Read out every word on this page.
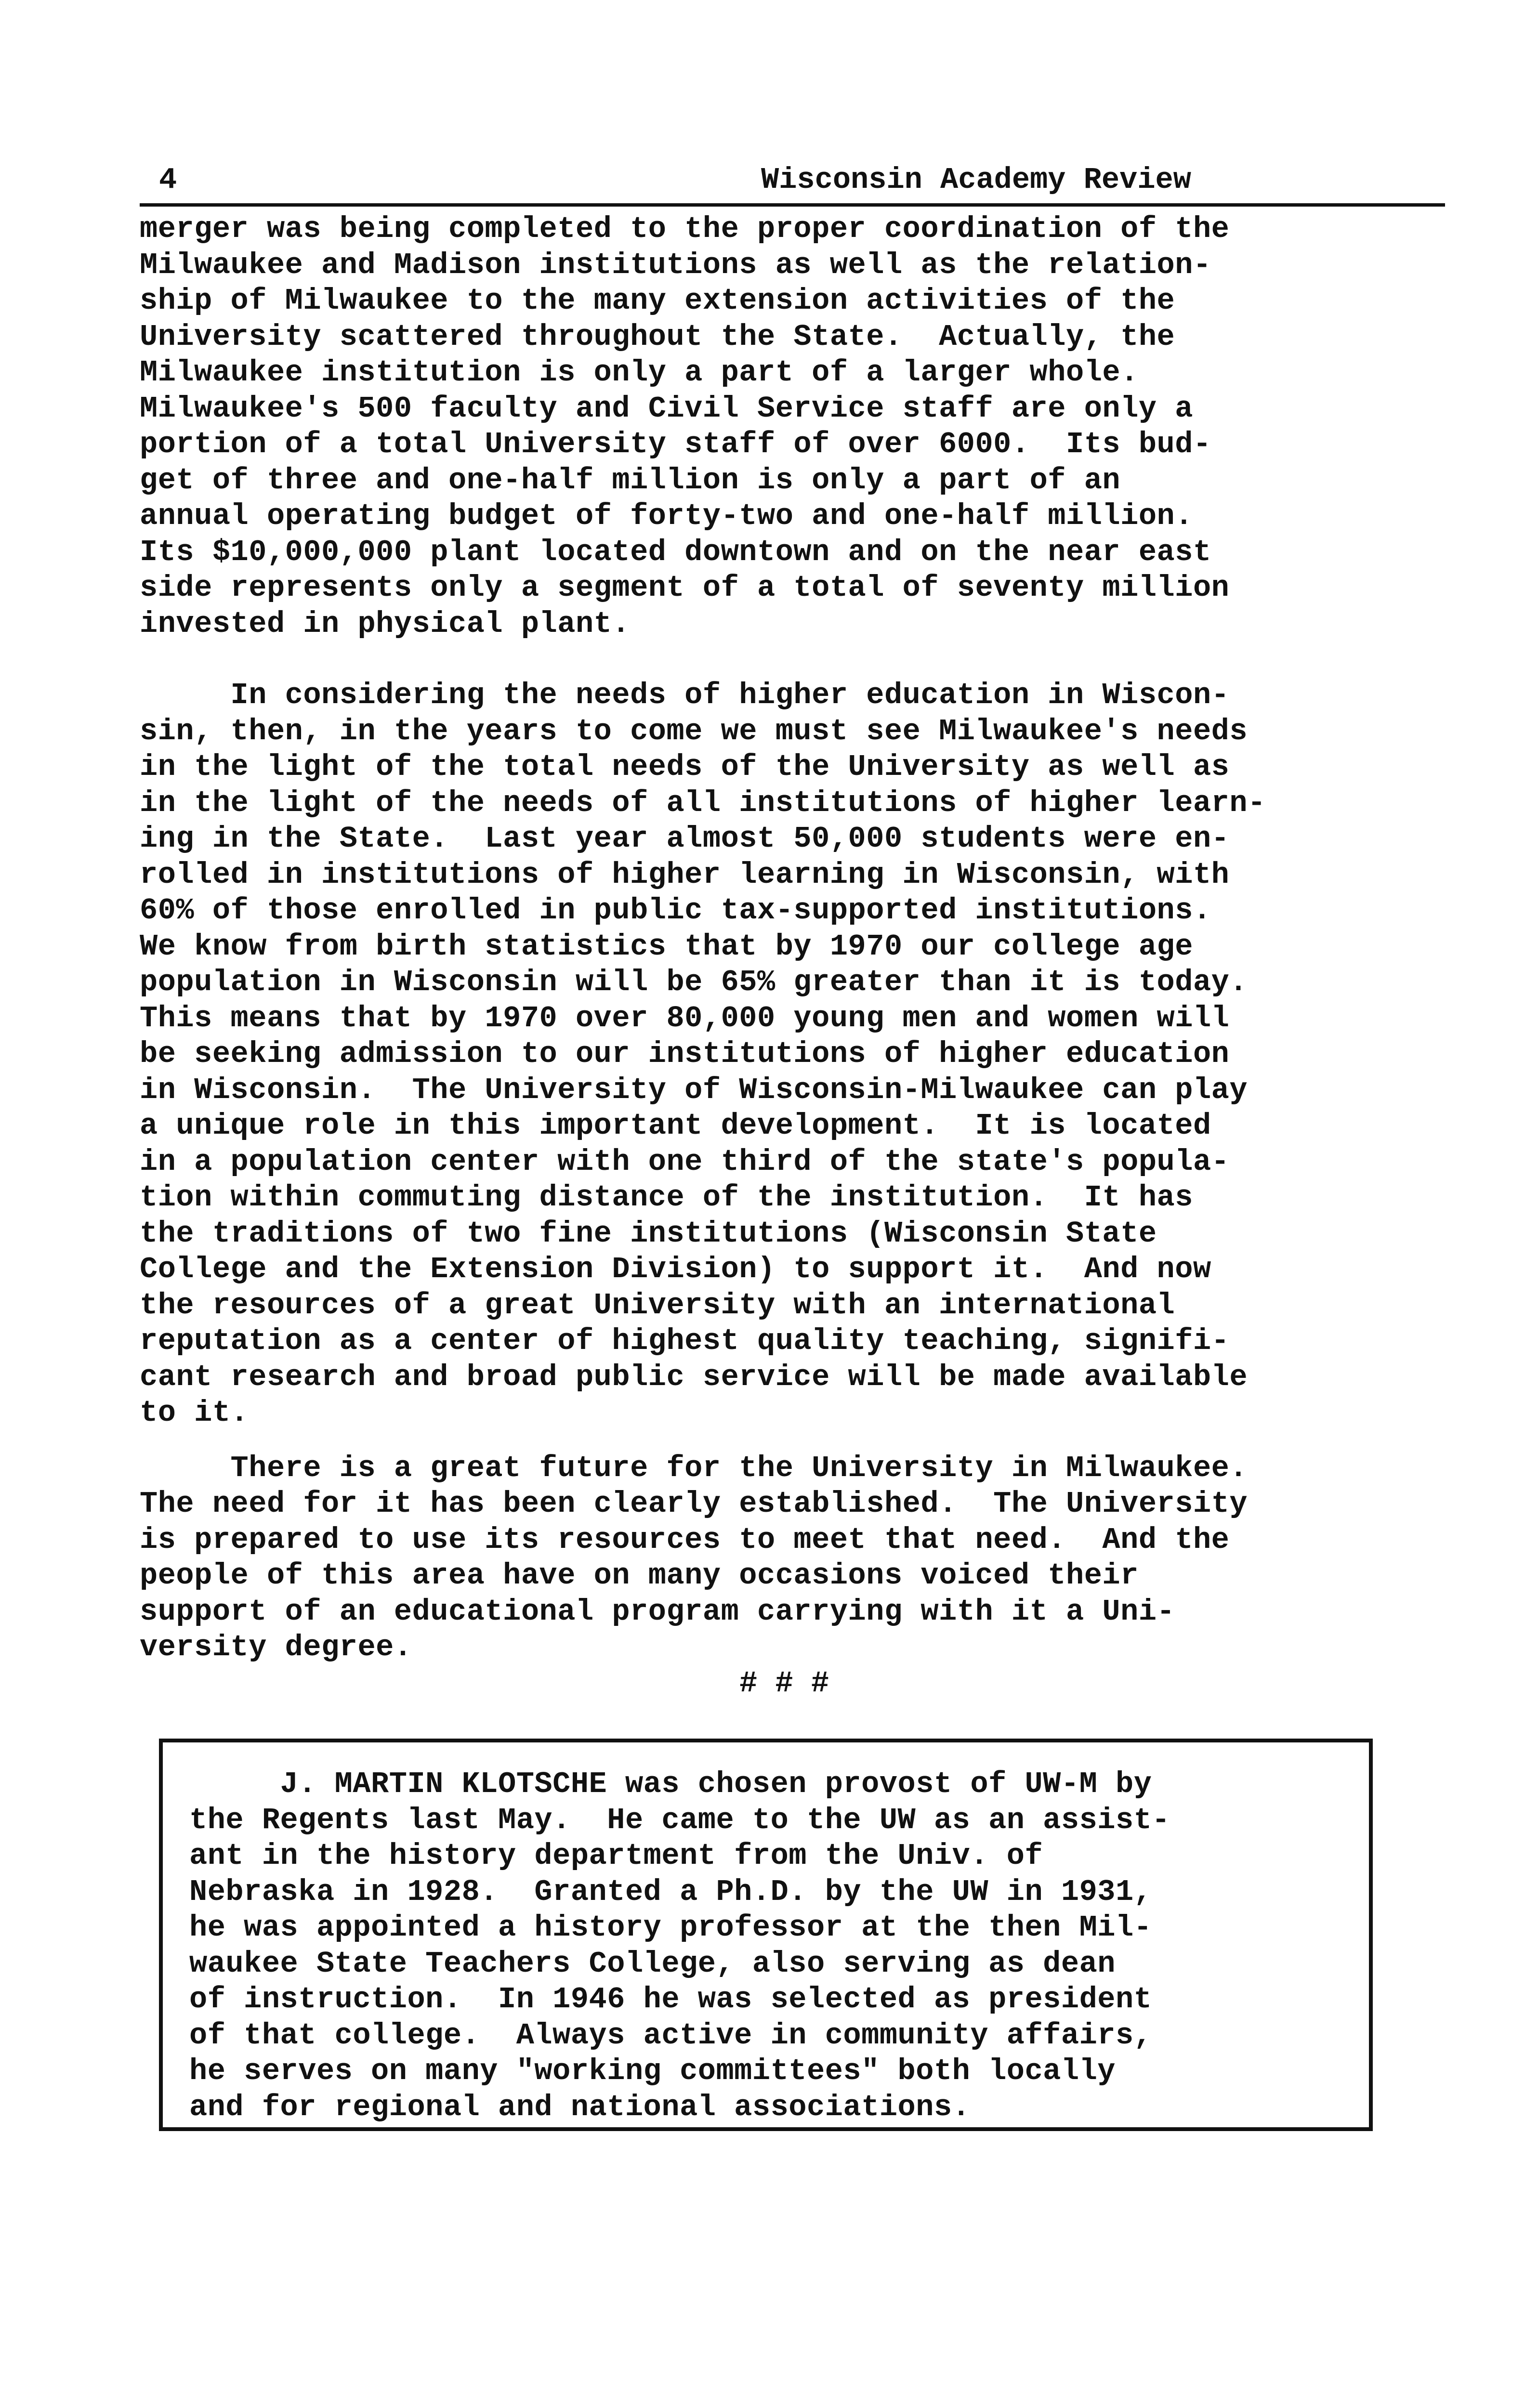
4	Wisconsin Academy Review

merger was being completed to the proper coordination of the
Milwaukee and Madison institutions as well as the relation-
ship of Milwaukee to the many extension activities of the
University scattered throughout the State.  Actually, the
Milwaukee institution is only a part of a larger whole.
Milwaukee's 500 faculty and Civil Service staff are only a
portion of a total University staff of over 6000.  Its bud-
get of three and one-half million is only a part of an
annual operating budget of forty-two and one-half million.
Its $10,000,000 plant located downtown and on the near east
side represents only a segment of a total of seventy million
invested in physical plant.

In considering the needs of higher education in Wiscon-
sin, then, in the years to come we must see Milwaukee's needs
in the light of the total needs of the University as well as
in the light of the needs of all institutions of higher learn-
ing in the State.  Last year almost 50,000 students were en-
rolled in institutions of higher learning in Wisconsin, with
60% of those enrolled in public tax-supported institutions.
We know from birth statistics that by 1970 our college age
population in Wisconsin will be 65% greater than it is today.
This means that by 1970 over 80,000 young men and women will
be seeking admission to our institutions of higher education
in Wisconsin.  The University of Wisconsin-Milwaukee can play
a unique role in this important development.  It is located
in a population center with one third of the state's popula-
tion within commuting distance of the institution.  It has
the traditions of two fine institutions (Wisconsin State
College and the Extension Division) to support it.  And now
the resources of a great University with an international
reputation as a center of highest quality teaching, signifi-
cant research and broad public service will be made available
to it.

There is a great future for the University in Milwaukee.
The need for it has been clearly established.  The University
is prepared to use its resources to meet that need.  And the
people of this area have on many occasions voiced their
support of an educational program carrying with it a Uni-
versity degree.

# # #

J. MARTIN KLOTSCHE was chosen provost of UW-M by
the Regents last May.  He came to the UW as an assist-
ant in the history department from the Univ. of
Nebraska in 1928.  Granted a Ph.D. by the UW in 1931,
he was appointed a history professor at the then Mil-
waukee State Teachers College, also serving as dean
of instruction.  In 1946 he was selected as president
of that college.  Always active in community affairs,
he serves on many "working committees" both locally
and for regional and national associations.
